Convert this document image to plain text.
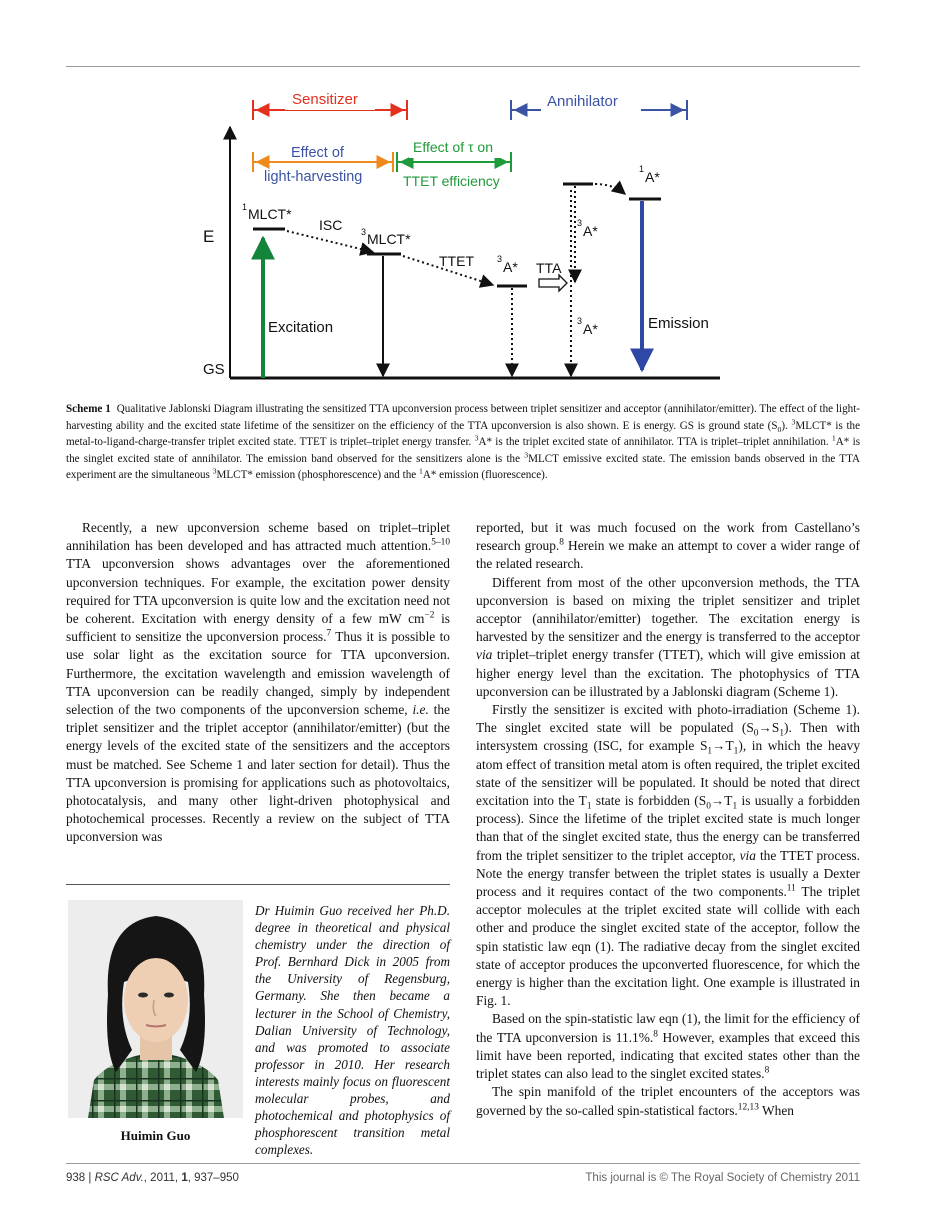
E
GS
Sensitizer	Annihilator
Effect of
light-harvesting
Effect of τ on
TTET efficiency
1 MLCT*
Excitation
ISC 3 MLCT*
TTET	3 A* TTA
3 A*
3 A*
1 A*
Emission
Scheme 1 Qualitative Jablonski Diagram illustrating the sensitized TTA upconversion process between triplet sensitizer and acceptor (annihilator/emitter). The effect of the light-harvesting ability and the excited state lifetime of the sensitizer on the efficiency of the TTA upconversion is also shown. E is energy. GS is ground state $(S_0)$. $^3$MLCT* is the metal-to-ligand-charge-transfer triplet excited state. TTET is triplet–triplet energy transfer. $^3$A* is the triplet excited state of annihilator. TTA is triplet–triplet annihilation. $^1$A* is the singlet excited state of annihilator. The emission band observed for the sensitizers alone is the $^3$MLCT emissive excited state. The emission bands observed in the TTA experiment are the simultaneous $^3$MLCT* emission (phosphorescence) and the $^1$A* emission (fluorescence).

Recently, a new upconversion scheme based on triplet–triplet annihilation has been developed and has attracted much attention.$^{5-10}$ TTA upconversion shows advantages over the aforementioned upconversion techniques. For example, the excitation power density required for TTA upconversion is quite low and the excitation need not be coherent. Excitation with energy density of a few mW $cm^{-2}$ is sufficient to sensitize the upconversion process.$^7$ Thus it is possible to use solar light as the excitation source for TTA upconversion. Furthermore, the excitation wavelength and emission wavelength of TTA upconversion can be readily changed, simply by independent selection of the two components of the upconversion scheme, i.e. the triplet sensitizer and the triplet acceptor (annihilator/emitter) (but the energy levels of the excited state of the sensitizers and the acceptors must be matched. See Scheme 1 and later section for detail). Thus the TTA upconversion is promising for applications such as photovoltaics, photocatalysis, and many other light-driven photophysical and photochemical processes. Recently a review on the subject of TTA upconversion was

Huimin Guo
Dr Huimin Guo received her Ph.D. degree in theoretical and physical chemistry under the direction of Prof. Bernhard Dick in 2005 from the University of Regensburg, Germany. She then became a lecturer in the School of Chemistry, Dalian University of Technology, and was promoted to associate professor in 2010. Her research interests mainly focus on fluorescent molecular probes, and photochemical and photophysics of phosphorescent transition metal complexes.

reported, but it was much focused on the work from Castellano’s research group.$^8$ Herein we make an attempt to cover a wider range of the related research.

Different from most of the other upconversion methods, the TTA upconversion is based on mixing the triplet sensitizer and triplet acceptor (annihilator/emitter) together. The excitation energy is harvested by the sensitizer and the energy is transferred to the acceptor via triplet–triplet energy transfer (TTET), which will give emission at higher energy level than the excitation. The photophysics of TTA upconversion can be illustrated by a Jablonski diagram (Scheme 1).

Firstly the sensitizer is excited with photo-irradiation (Scheme 1). The singlet excited state will be populated $(S_0\to S_1)$. Then with intersystem crossing (ISC, for example $S_1\to T_1$), in which the heavy atom effect of transition metal atom is often required, the triplet excited state of the sensitizer will be populated. It should be noted that direct excitation into the $T_1$ state is forbidden ($S_0\to T_1$ is usually a forbidden process). Since the lifetime of the triplet excited state is much longer than that of the singlet excited state, thus the energy can be transferred from the triplet sensitizer to the triplet acceptor, via the TTET process. Note the energy transfer between the triplet states is usually a Dexter process and it requires contact of the two components.$^{11}$ The triplet acceptor molecules at the triplet excited state will collide with each other and produce the singlet excited state of the acceptor, follow the spin statistic law eqn (1). The radiative decay from the singlet excited state of acceptor produces the upconverted fluorescence, for which the energy is higher than the excitation light. One example is illustrated in Fig. 1.

Based on the spin-statistic law eqn (1), the limit for the efficiency of the TTA upconversion is 11.1%.$^8$ However, examples that exceed this limit have been reported, indicating that excited states other than the triplet states can also lead to the singlet excited states.$^8$

The spin manifold of the triplet encounters of the acceptors was governed by the so-called spin-statistical factors.$^{12,13}$ When

938 | RSC Adv., 2011, 1, 937–950	This journal is © The Royal Society of Chemistry 2011
